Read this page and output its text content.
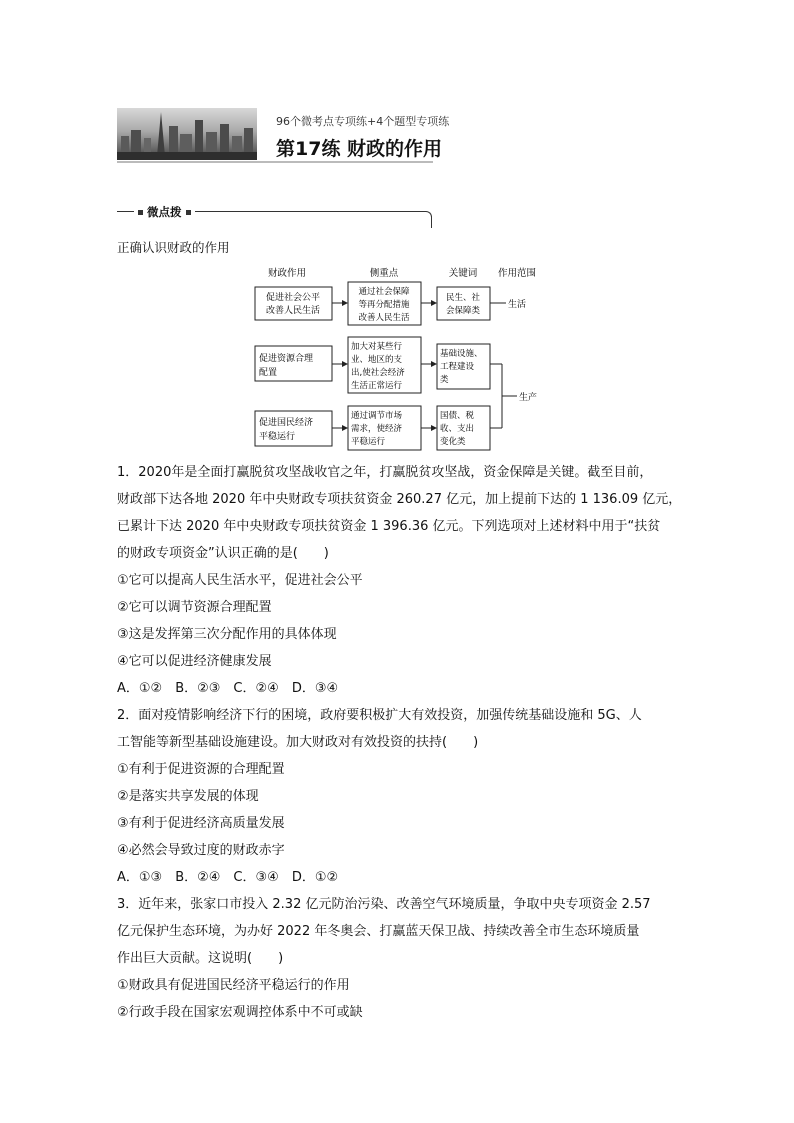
96个微考点专项练+4个题型专项练
第17练 财政的作用
微点拨
正确认识财政的作用
财政作用	侧重点	关键词 作用范围
促进社会公平
改善人民生活
通过社会保障
等再分配措施
改善人民生活
民生、社
会保障类
生活
促进资源合理
配置
加大对某些行
业、地区的支
出,使社会经济
生活正常运行
基础设施、
工程建设
类
促进国民经济
平稳运行
通过调节市场
需求，使经济
平稳运行
国债、税
收、支出
变化类
生产

1．2020年是全面打赢脱贫攻坚战收官之年，打赢脱贫攻坚战，资金保障是关键。截至目前，

财政部下达各地 2020 年中央财政专项扶贫资金 260.27 亿元，加上提前下达的 1 136.09 亿元，

已累计下达 2020 年中央财政专项扶贫资金 1 396.36 亿元。下列选项对上述材料中用于“扶贫

的财政专项资金”认识正确的是(　　)

①它可以提高人民生活水平，促进社会公平

②它可以调节资源合理配置

③这是发挥第三次分配作用的具体体现

④它可以促进经济健康发展

A．①②　B．②③　C．②④　D．③④

2．面对疫情影响经济下行的困境，政府要积极扩大有效投资，加强传统基础设施和 5G、人

工智能等新型基础设施建设。加大财政对有效投资的扶持(　　)

①有利于促进资源的合理配置

②是落实共享发展的体现

③有利于促进经济高质量发展

④必然会导致过度的财政赤字

A．①③　B．②④　C．③④　D．①②

3．近年来，张家口市投入 2.32 亿元防治污染、改善空气环境质量，争取中央专项资金 2.57

亿元保护生态环境，为办好 2022 年冬奥会、打赢蓝天保卫战、持续改善全市生态环境质量

作出巨大贡献。这说明(　　)

①财政具有促进国民经济平稳运行的作用

②行政手段在国家宏观调控体系中不可或缺
